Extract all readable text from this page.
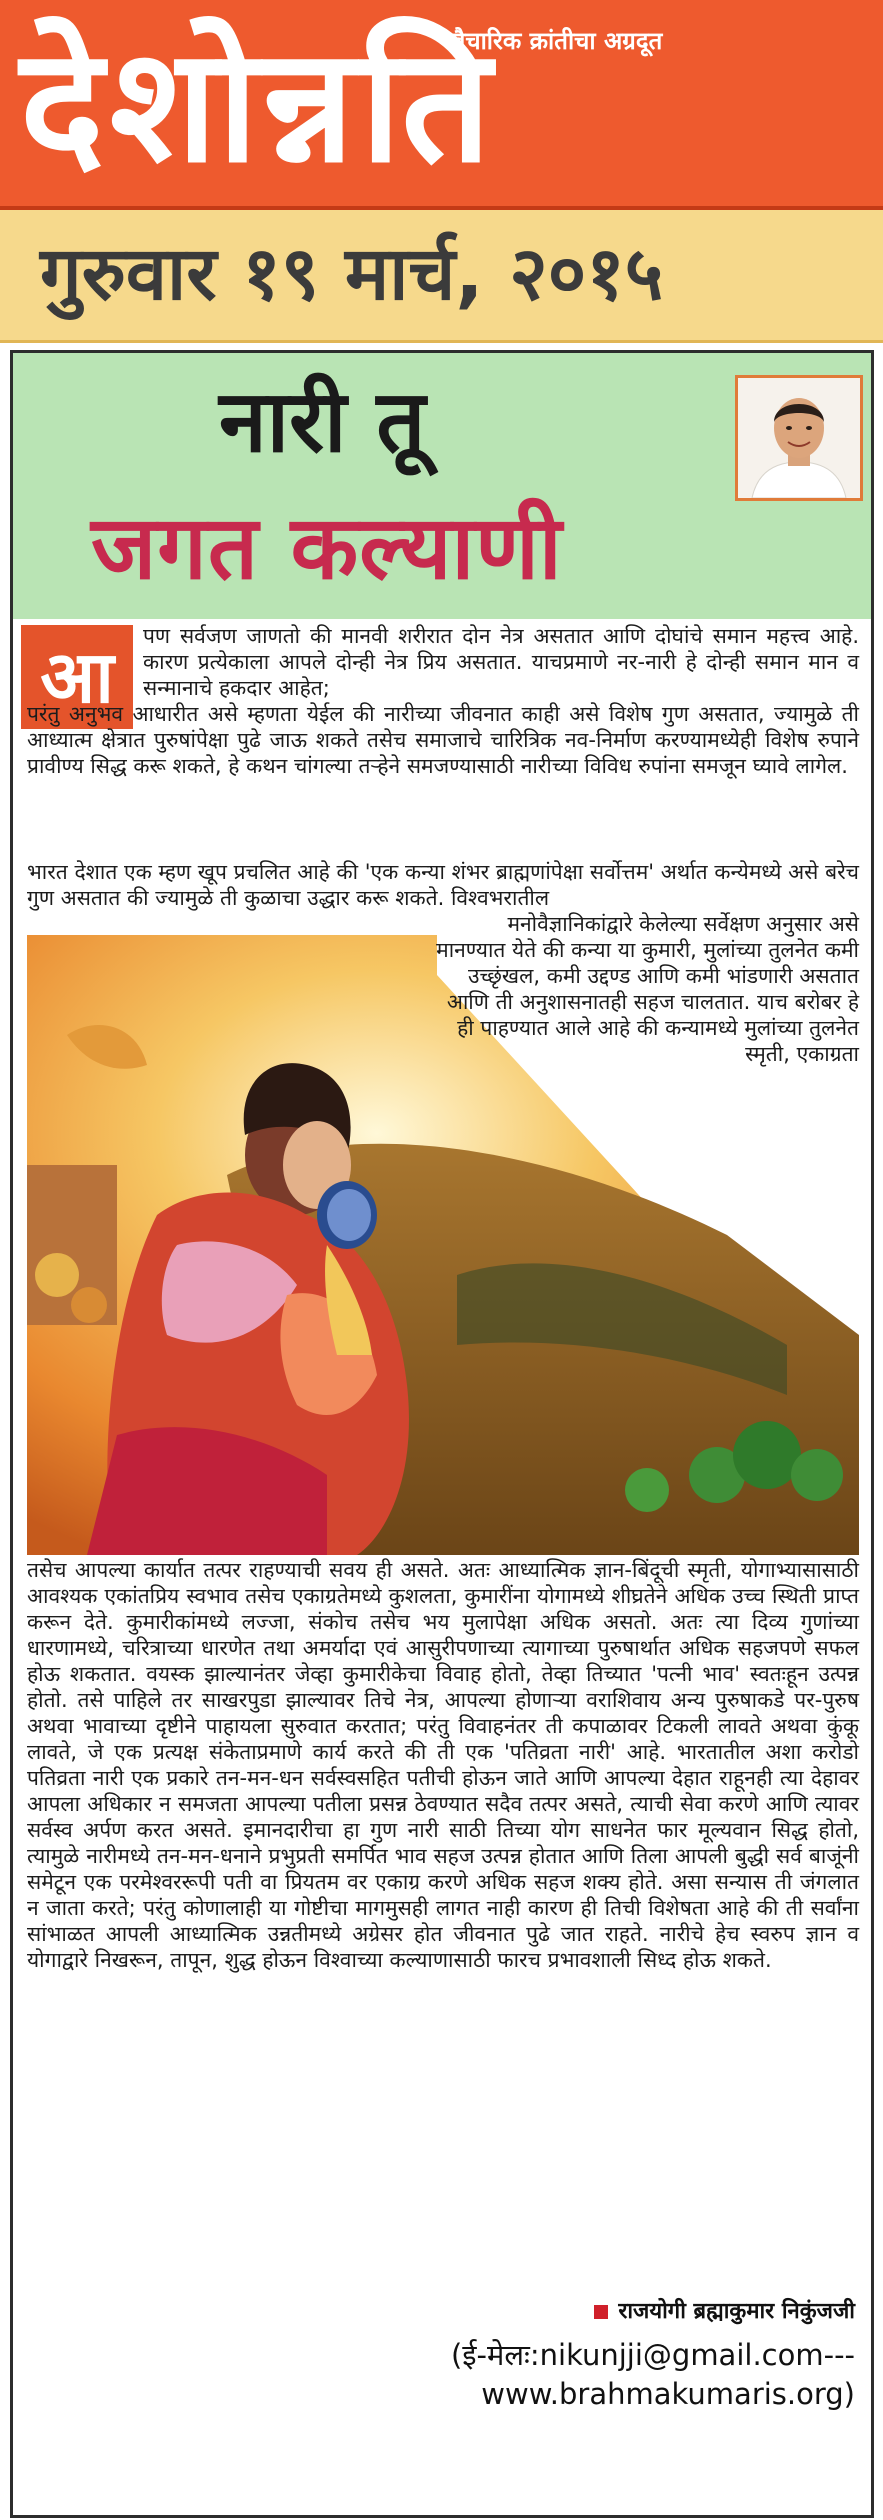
देशोन्नति
वैचारिक क्रांतीचा अग्रदूत
गुरुवार १९ मार्च, २०१५
नारी तू
जगत कल्याणी
आ	पण सर्वजण जाणतो की मानवी शरीरात दोन नेत्र असतात आणि दोघांचे समान महत्त्व आहे. कारण प्रत्येकाला आपले दोन्ही नेत्र प्रिय असतात. याचप्रमाणे नर-नारी हे दोन्ही समान मान व सन्मानाचे हकदार आहेत;

परंतु अनुभव आधारीत असे म्हणता येईल की नारीच्या जीवनात काही असे विशेष गुण असतात, ज्यामुळे ती आध्यात्म क्षेत्रात पुरुषांपेक्षा पुढे जाऊ शकते तसेच समाजाचे चारित्रिक नव-निर्माण करण्यामध्येही विशेष रुपाने प्रावीण्य सिद्ध करू शकते, हे कथन चांगल्या तऱ्हेने समजण्यासाठी नारीच्या विविध रुपांना समजून घ्यावे लागेल.

भारत देशात एक म्हण खूप प्रचलित आहे की 'एक कन्या शंभर ब्राह्मणांपेक्षा सर्वोत्तम' अर्थात कन्येमध्ये असे बरेच गुण असतात की ज्यामुळे ती कुळाचा उद्धार करू शकते. विश्वभरातील

मनोवैज्ञानिकांद्वारे केलेल्या सर्वेक्षण अनुसार असे मानण्यात येते की कन्या या कुमारी, मुलांच्या तुलनेत कमी उच्छृंखल, कमी उद्दण्ड आणि कमी भांडणारी असतात आणि ती अनुशासनातही सहज चालतात. याच बरोबर हे ही पाहण्यात आले आहे की कन्यामध्ये मुलांच्या तुलनेत स्मृती, एकाग्रता

तसेच आपल्या कार्यात तत्पर राहण्याची सवय ही असते. अतः आध्यात्मिक ज्ञान-बिंदूची स्मृती, योगाभ्यासासाठी आवश्यक एकांतप्रिय स्वभाव तसेच एकाग्रतेमध्ये कुशलता, कुमारींना योगामध्ये शीघ्रतेने अधिक उच्च स्थिती प्राप्त करून देते. कुमारीकांमध्ये लज्जा, संकोच तसेच भय मुलापेक्षा अधिक असतो. अतः त्या दिव्य गुणांच्या धारणामध्ये, चरित्राच्या धारणेत तथा अमर्यादा एवं आसुरीपणाच्या त्यागाच्या पुरुषार्थात अधिक सहजपणे सफल होऊ शकतात. वयस्क झाल्यानंतर जेव्हा कुमारीकेचा विवाह होतो, तेव्हा तिच्यात 'पत्नी भाव' स्वतःहून उत्पन्न होतो. तसे पाहिले तर साखरपुडा झाल्यावर तिचे नेत्र, आपल्या होणाऱ्या वराशिवाय अन्य पुरुषाकडे पर-पुरुष अथवा भावाच्या दृष्टीने पाहायला सुरुवात करतात; परंतु विवाहनंतर ती कपाळावर टिकली लावते अथवा कुंकू लावते, जे एक प्रत्यक्ष संकेताप्रमाणे कार्य करते की ती एक 'पतिव्रता नारी' आहे. भारतातील अशा करोडो पतिव्रता नारी एक प्रकारे तन-मन-धन सर्वस्वसहित पतीची होऊन जाते आणि आपल्या देहात राहूनही त्या देहावर आपला अधिकार न समजता आपल्या पतीला प्रसन्न ठेवण्यात सदैव तत्पर असते, त्याची सेवा करणे आणि त्यावर सर्वस्व अर्पण करत असते. इमानदारीचा हा गुण नारी साठी तिच्या योग साधनेत फार मूल्यवान सिद्ध होतो, त्यामुळे नारीमध्ये तन-मन-धनाने प्रभुप्रती समर्पित भाव सहज उत्पन्न होतात आणि तिला आपली बुद्धी सर्व बाजूंनी समेटून एक परमेश्वररूपी पती वा प्रियतम वर एकाग्र करणे अधिक सहज शक्य होते. असा सन्यास ती जंगलात न जाता करते; परंतु कोणालाही या गोष्टीचा मागमुसही लागत नाही कारण ही तिची विशेषता आहे की ती सर्वांना सांभाळत आपली आध्यात्मिक उन्नतीमध्ये अग्रेसर होत जीवनात पुढे जात राहते. नारीचे हेच स्वरुप ज्ञान व योगाद्वारे निखरून, तापून, शुद्ध होऊन विश्वाच्या कल्याणासाठी फारच प्रभावशाली सिध्द होऊ शकते.

राजयोगी ब्रह्माकुमार निकुंजजी
(ई-मेलः:nikunjji@gmail.com---
www.brahmakumaris.org)
